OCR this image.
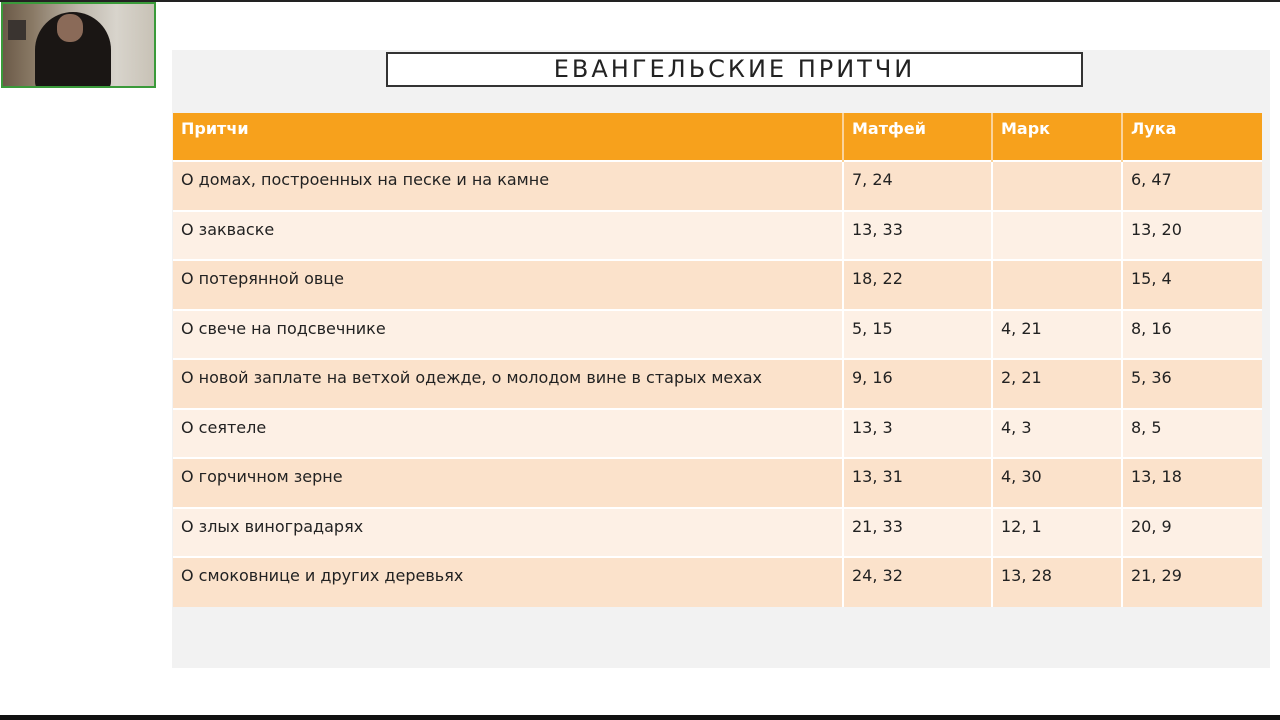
ЕВАНГЕЛЬСКИЕ ПРИТЧИ
Притчи	Матфей	Марк	Лука
О домах, построенных на песке и на камне	7, 24		6, 47
О закваске	13, 33		13, 20
О потерянной овце	18, 22		15, 4
О свече на подсвечнике	5, 15	4, 21	8, 16
О новой заплате на ветхой одежде, о молодом вине в старых мехах	9, 16	2, 21	5, 36
О сеятеле	13, 3	4, 3	8, 5
О горчичном зерне	13, 31	4, 30	13, 18
О злых виноградарях	21, 33	12, 1	20, 9
О смоковнице и других деревьях	24, 32	13, 28	21, 29
